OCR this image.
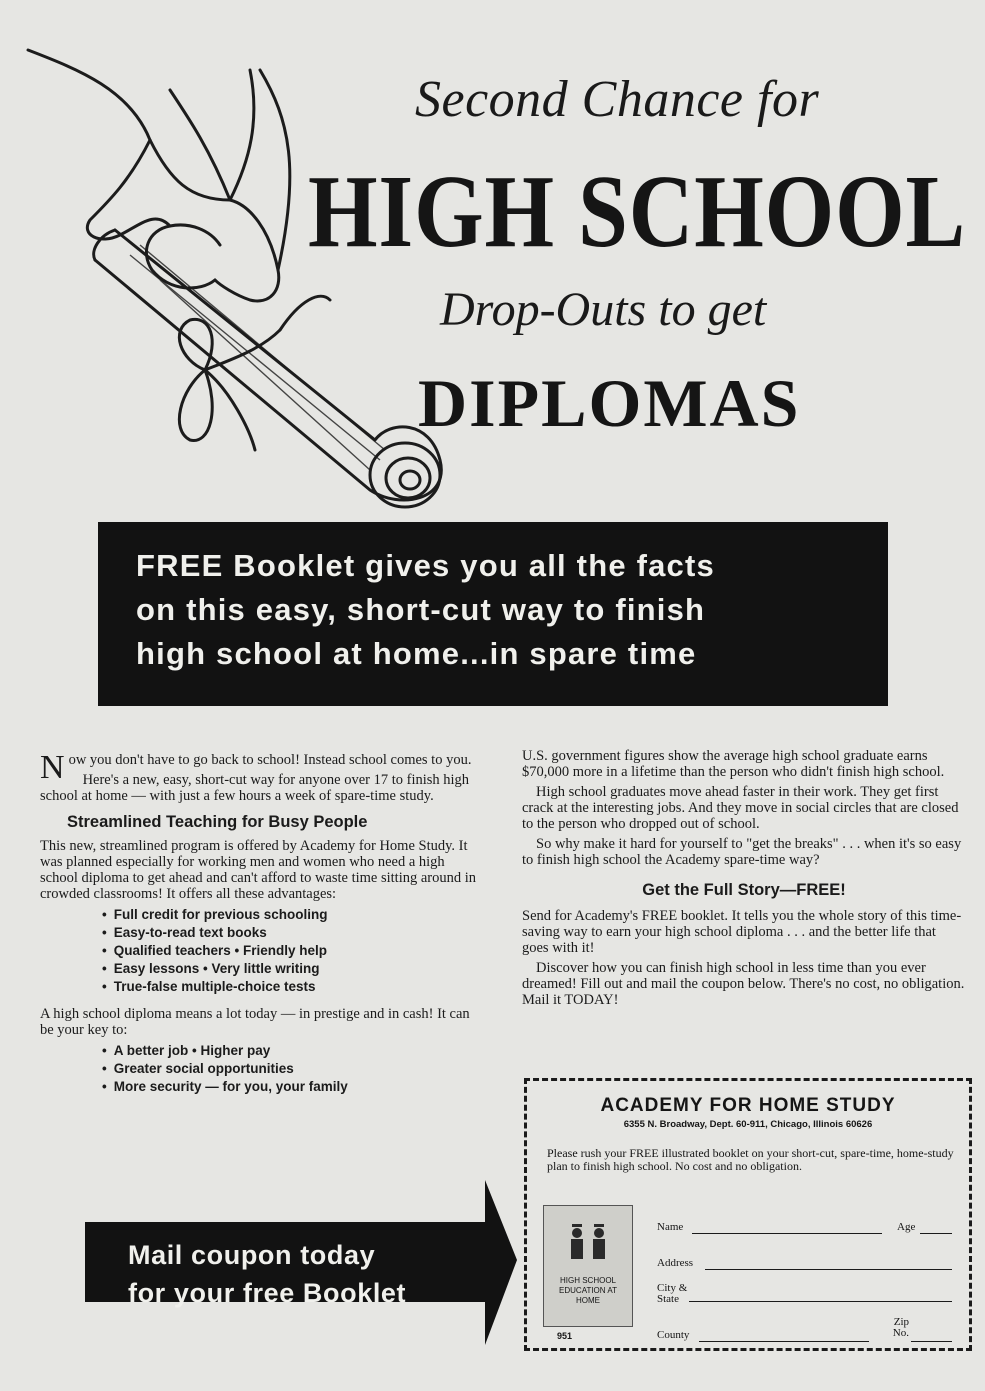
Second Chance for
HIGH SCHOOL
Drop-Outs to get
DIPLOMAS
FREE Booklet gives you all the facts
on this easy, short-cut way to finish
high school at home...in spare time

Now you don't have to go back to school! Instead school comes to you.

Here's a new, easy, short-cut way for anyone over 17 to finish high school at home — with just a few hours a week of spare-time study.

Streamlined Teaching for Busy People

This new, streamlined program is offered by Academy for Home Study. It was planned especially for working men and women who need a high school diploma to get ahead and can't afford to waste time sitting around in crowded classrooms! It offers all these advantages:

• Full credit for previous schooling
• Easy-to-read text books
• Qualified teachers • Friendly help
• Easy lessons • Very little writing
• True-false multiple-choice tests

A high school diploma means a lot today — in prestige and in cash! It can be your key to:

• A better job • Higher pay
• Greater social opportunities
• More security — for you, your family

U.S. government figures show the average high school graduate earns $70,000 more in a lifetime than the person who didn't finish high school.

High school graduates move ahead faster in their work. They get first crack at the interesting jobs. And they move in social circles that are closed to the person who dropped out of school.

So why make it hard for yourself to "get the breaks" . . . when it's so easy to finish high school the Academy spare-time way?

Get the Full Story—FREE!

Send for Academy's FREE booklet. It tells you the whole story of this time-saving way to earn your high school diploma . . . and the better life that goes with it!

Discover how you can finish high school in less time than you ever dreamed! Fill out and mail the coupon below. There's no cost, no obligation. Mail it TODAY!

Mail coupon today
for your free Booklet
ACADEMY FOR HOME STUDY
6355 N. Broadway, Dept. 60-911, Chicago, Illinois 60626
Please rush your FREE illustrated booklet on your short-cut, spare-time, home-study plan to finish high school. No cost and no obligation.
HIGH SCHOOL EDUCATION AT HOME
Name	Age
Address
City & State
County
Zip No.
951
